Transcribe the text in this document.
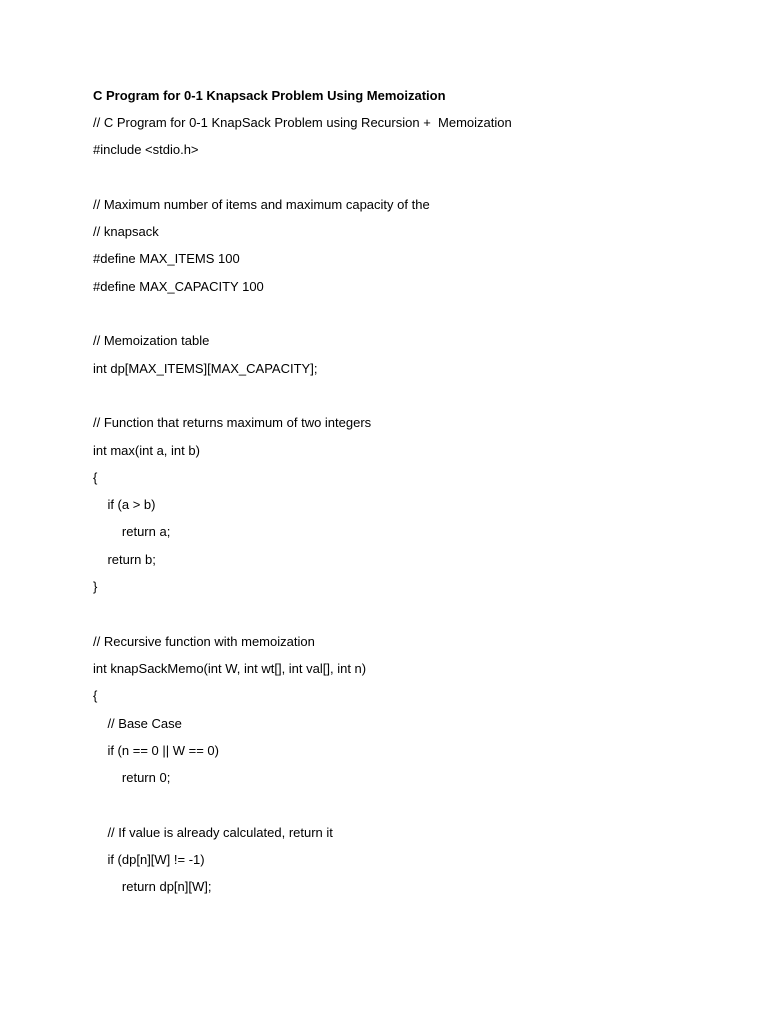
C Program for 0-1 Knapsack Problem Using Memoization
// C Program for 0-1 KnapSack Problem using Recursion +  Memoization
#include <stdio.h>
// Maximum number of items and maximum capacity of the
// knapsack
#define MAX_ITEMS 100
#define MAX_CAPACITY 100
// Memoization table
int dp[MAX_ITEMS][MAX_CAPACITY];
// Function that returns maximum of two integers
int max(int a, int b)
{
if (a > b)
return a;
return b;
}
// Recursive function with memoization
int knapSackMemo(int W, int wt[], int val[], int n)
{
// Base Case
if (n == 0 || W == 0)
return 0;
// If value is already calculated, return it
if (dp[n][W] != -1)
return dp[n][W];
